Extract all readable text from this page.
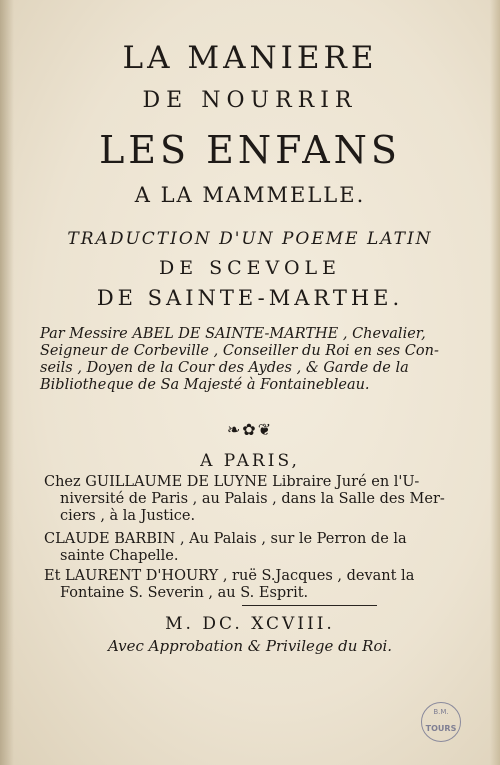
LA MANIERE
DE NOURRIR
LES ENFANS
A LA MAMMELLE.
TRADUCTION D'UN POEME LATIN
DE SCEVOLE
DE SAINTE-MARTHE.

Par Messire ABEL DE SAINTE-MARTHE , Chevalier,

Seigneur de Corbeville , Conseiller du Roi en ses Con-

seils , Doyen de la Cour des Aydes , & Garde de la

Bibliotheque de Sa Majesté à Fontainebleau.

❧✿❦
A PARIS,

Chez GUILLAUME DE LUYNE Libraire Juré en l'U-

niversité de Paris , au Palais , dans la Salle des Mer-

ciers , à la Justice.

CLAUDE BARBIN , Au Palais , sur le Perron de la

sainte Chapelle.

Et LAURENT D'HOURY , ruë S.Jacques , devant la

Fontaine S. Severin , au S. Esprit.

M. DC. XCVIII.
Avec Approbation & Privilege du Roi.
B.M.
TOURS
